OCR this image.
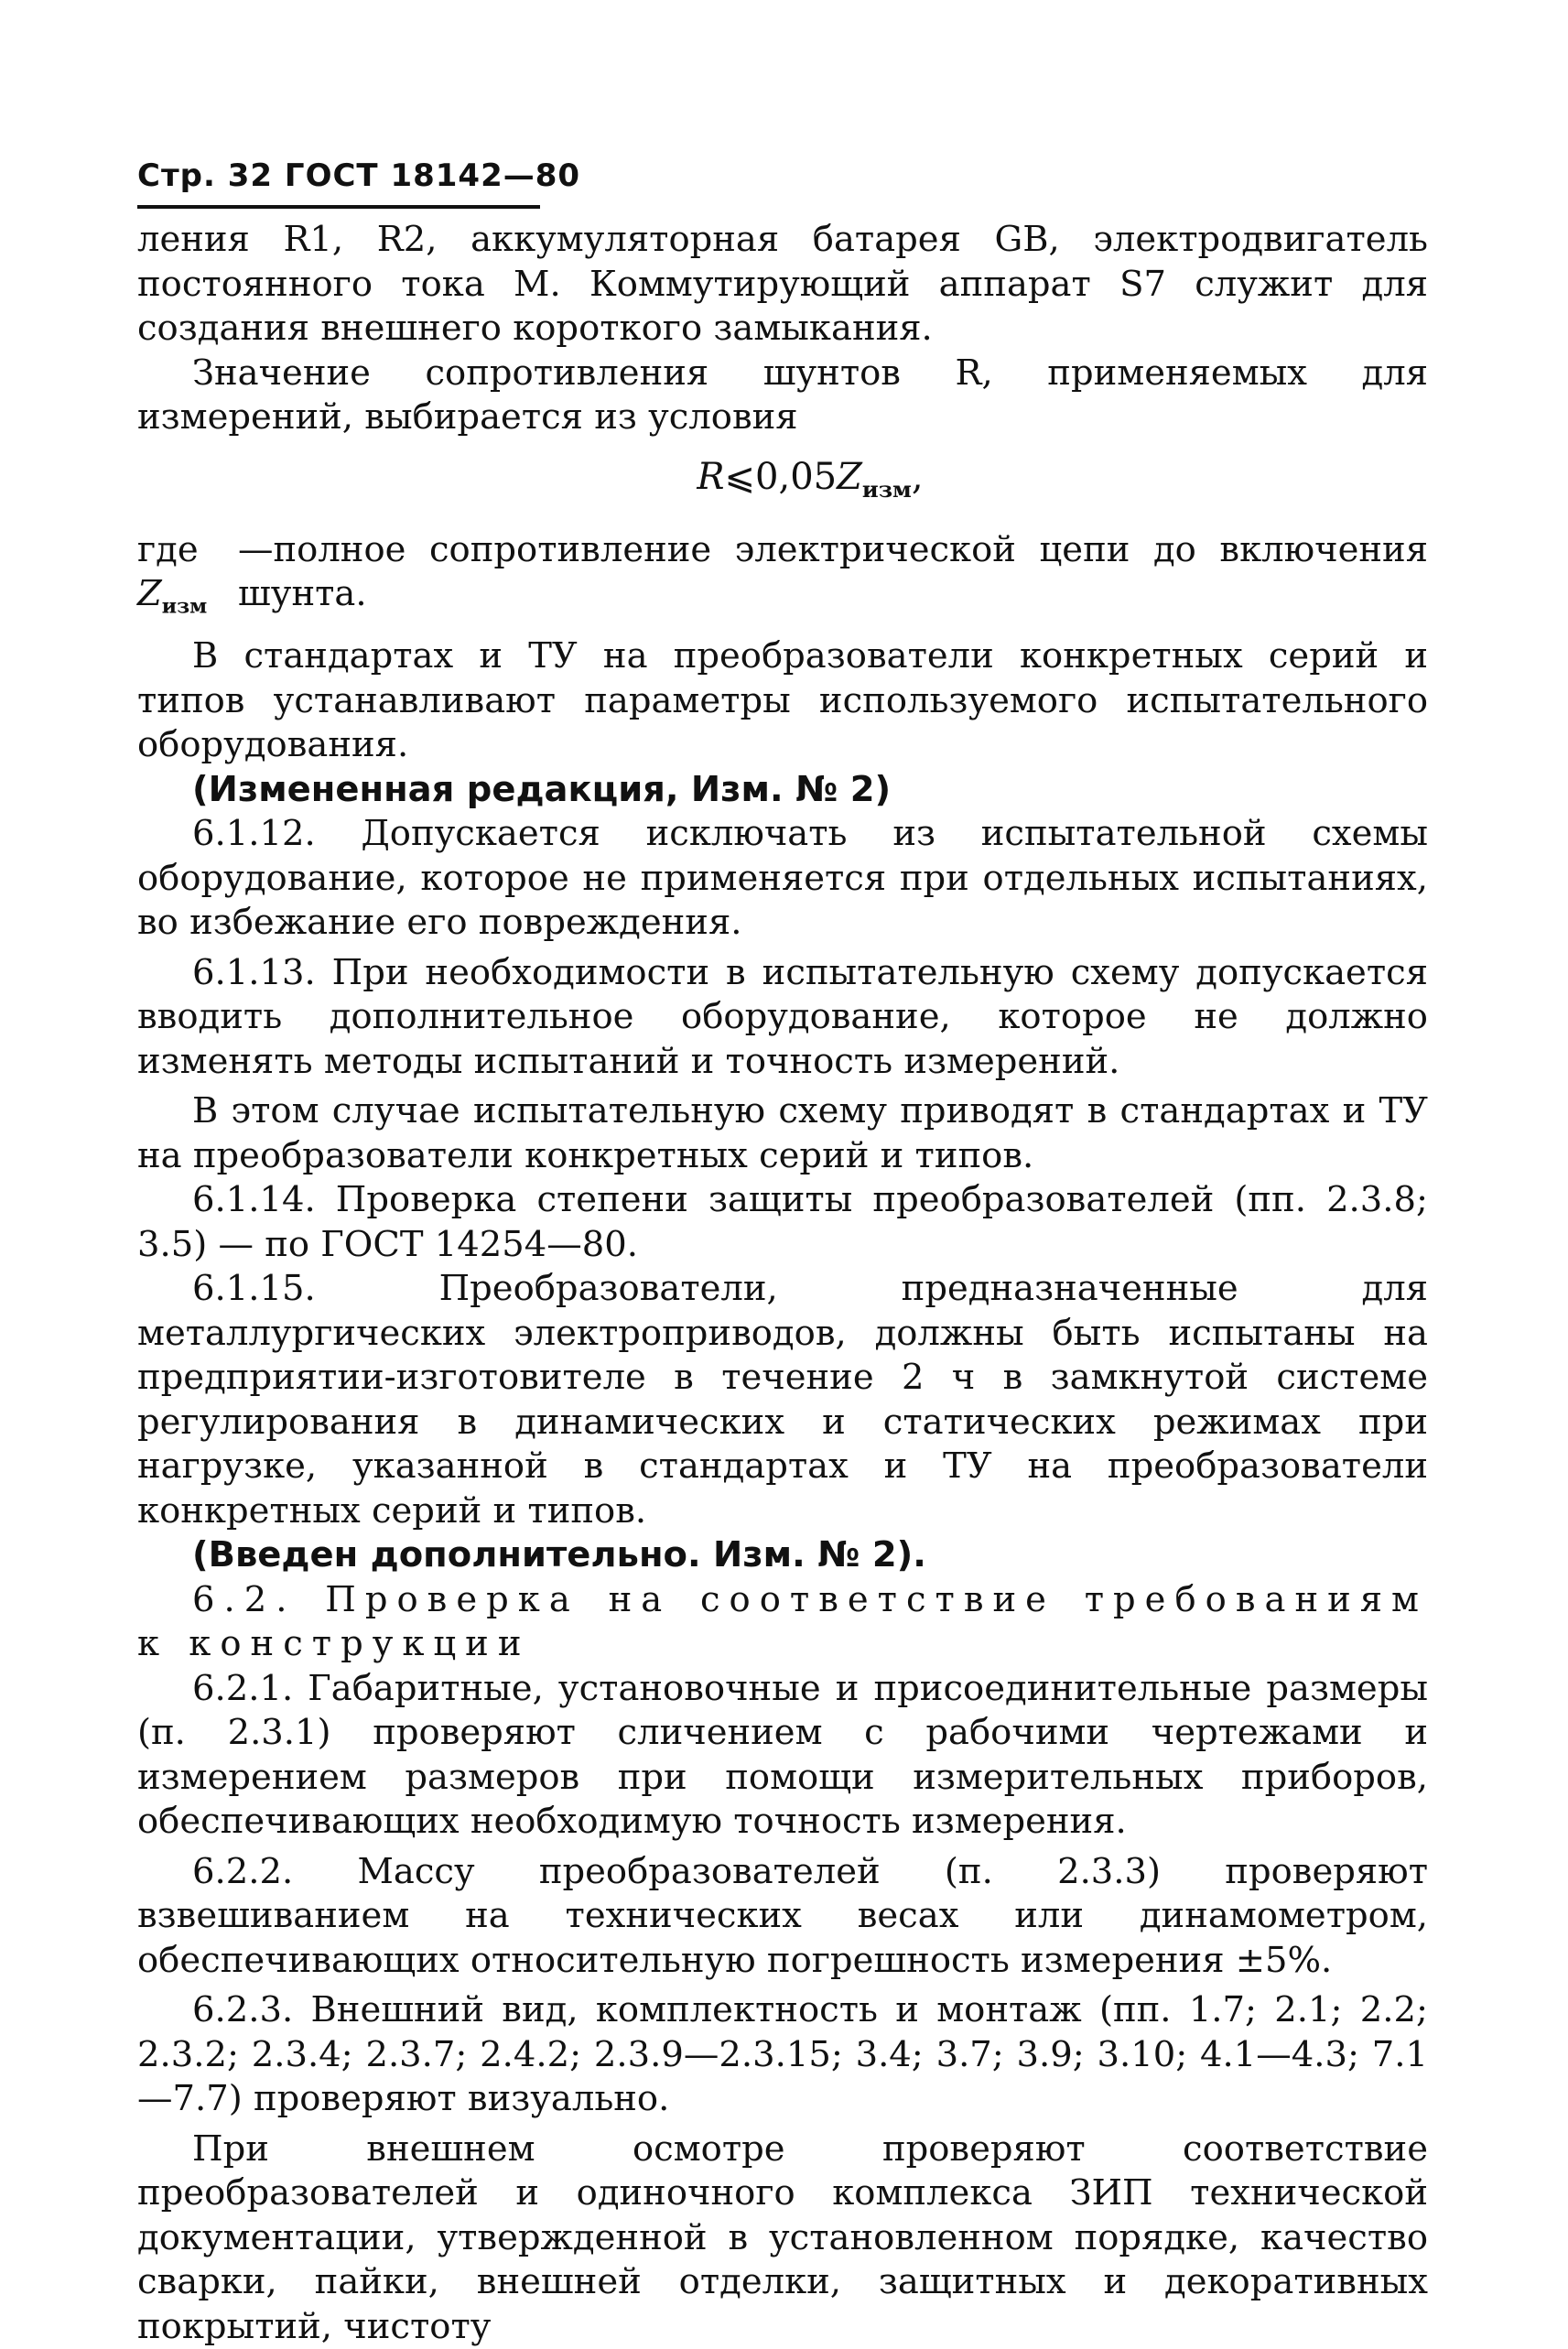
Стр. 32 ГОСТ 18142—80

ления R1, R2, аккумуляторная батарея GB, электродвигатель постоянного тока M. Коммутирующий аппарат S7 служит для создания внешнего короткого замыкания.

Значение сопротивления шунтов R, применяемых для измерений, выбирается из условия

$R⩽0,05Z_{изм}$,
где $Z_{изм}$
—полное сопротивление электрической цепи до включения шунта.

В стандартах и ТУ на преобразователи конкретных серий и типов устанавливают параметры используемого испытательного оборудования.

(Измененная редакция, Изм. № 2)

6.1.12. Допускается исключать из испытательной схемы оборудование, которое не применяется при отдельных испытаниях, во избежание его повреждения.

6.1.13. При необходимости в испытательную схему допускается вводить дополнительное оборудование, которое не должно изменять методы испытаний и точность измерений.

В этом случае испытательную схему приводят в стандартах и ТУ на преобразователи конкретных серий и типов.

6.1.14. Проверка степени защиты преобразователей (пп. 2.3.8; 3.5) — по ГОСТ 14254—80.

6.1.15. Преобразователи, предназначенные для металлургических электроприводов, должны быть испытаны на предприятии-изготовителе в течение 2 ч в замкнутой системе регулирования в динамических и статических режимах при нагрузке, указанной в стандартах и ТУ на преобразователи конкретных серий и типов.

(Введен дополнительно. Изм. № 2).

6.2. Проверка на соответствие требованиям к конструкции

6.2.1. Габаритные, установочные и присоединительные размеры (п. 2.3.1) проверяют сличением с рабочими чертежами и измерением размеров при помощи измерительных приборов, обеспечивающих необходимую точность измерения.

6.2.2. Массу преобразователей (п. 2.3.3) проверяют взвешиванием на технических весах или динамометром, обеспечивающих относительную погрешность измерения ±5%.

6.2.3. Внешний вид, комплектность и монтаж (пп. 1.7; 2.1; 2.2; 2.3.2; 2.3.4; 2.3.7; 2.4.2; 2.3.9—2.3.15; 3.4; 3.7; 3.9; 3.10; 4.1—4.3; 7.1—7.7) проверяют визуально.

При внешнем осмотре проверяют соответствие преобразователей и одиночного комплекса ЗИП технической документации, утвержденной в установленном порядке, качество сварки, пайки, внешней отделки, защитных и декоративных покрытий, чистоту
